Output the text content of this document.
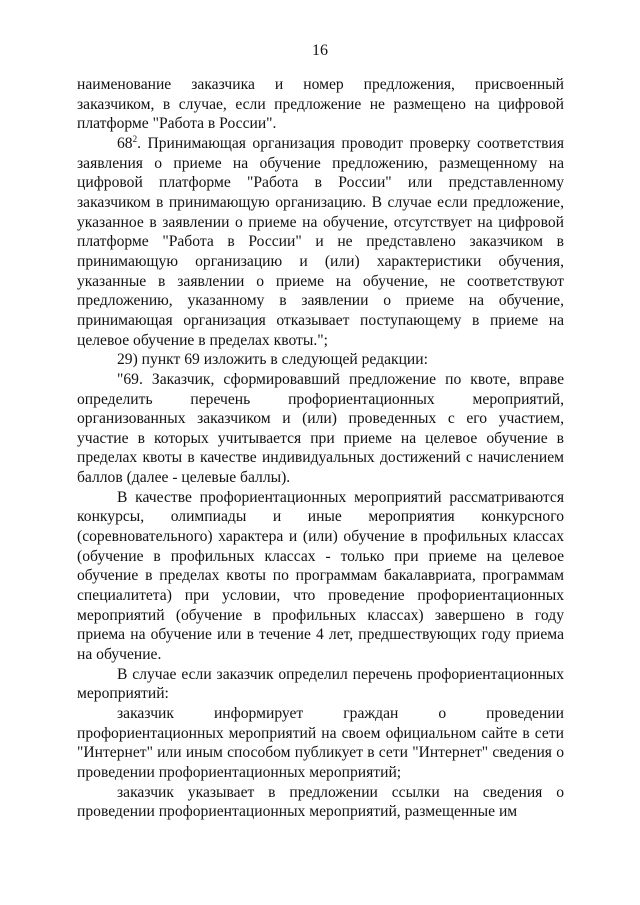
16

наименование заказчика и номер предложения, присвоенный заказчиком, в случае, если предложение не размещено на цифровой платформе "Работа в России".

$68^2$. Принимающая организация проводит проверку соответствия заявления о приеме на обучение предложению, размещенному на цифровой платформе "Работа в России" или представленному заказчиком в принимающую организацию. В случае если предложение, указанное в заявлении о приеме на обучение, отсутствует на цифровой платформе "Работа в России" и не представлено заказчиком в принимающую организацию и (или) характеристики обучения, указанные в заявлении о приеме на обучение, не соответствуют предложению, указанному в заявлении о приеме на обучение, принимающая организация отказывает поступающему в приеме на целевое обучение в пределах квоты.";

29) пункт 69 изложить в следующей редакции:

"69. Заказчик, сформировавший предложение по квоте, вправе определить перечень профориентационных мероприятий, организованных заказчиком и (или) проведенных с его участием, участие в которых учитывается при приеме на целевое обучение в пределах квоты в качестве индивидуальных достижений с начислением баллов (далее - целевые баллы).

В качестве профориентационных мероприятий рассматриваются конкурсы, олимпиады и иные мероприятия конкурсного (соревновательного) характера и (или) обучение в профильных классах (обучение в профильных классах - только при приеме на целевое обучение в пределах квоты по программам бакалавриата, программам специалитета) при условии, что проведение профориентационных мероприятий (обучение в профильных классах) завершено в году приема на обучение или в течение 4 лет, предшествующих году приема на обучение.

В случае если заказчик определил перечень профориентационных мероприятий:

заказчик информирует граждан о проведении профориентационных мероприятий на своем официальном сайте в сети "Интернет" или иным способом публикует в сети "Интернет" сведения о проведении профориентационных мероприятий;

заказчик указывает в предложении ссылки на сведения о проведении профориентационных мероприятий, размещенные им
